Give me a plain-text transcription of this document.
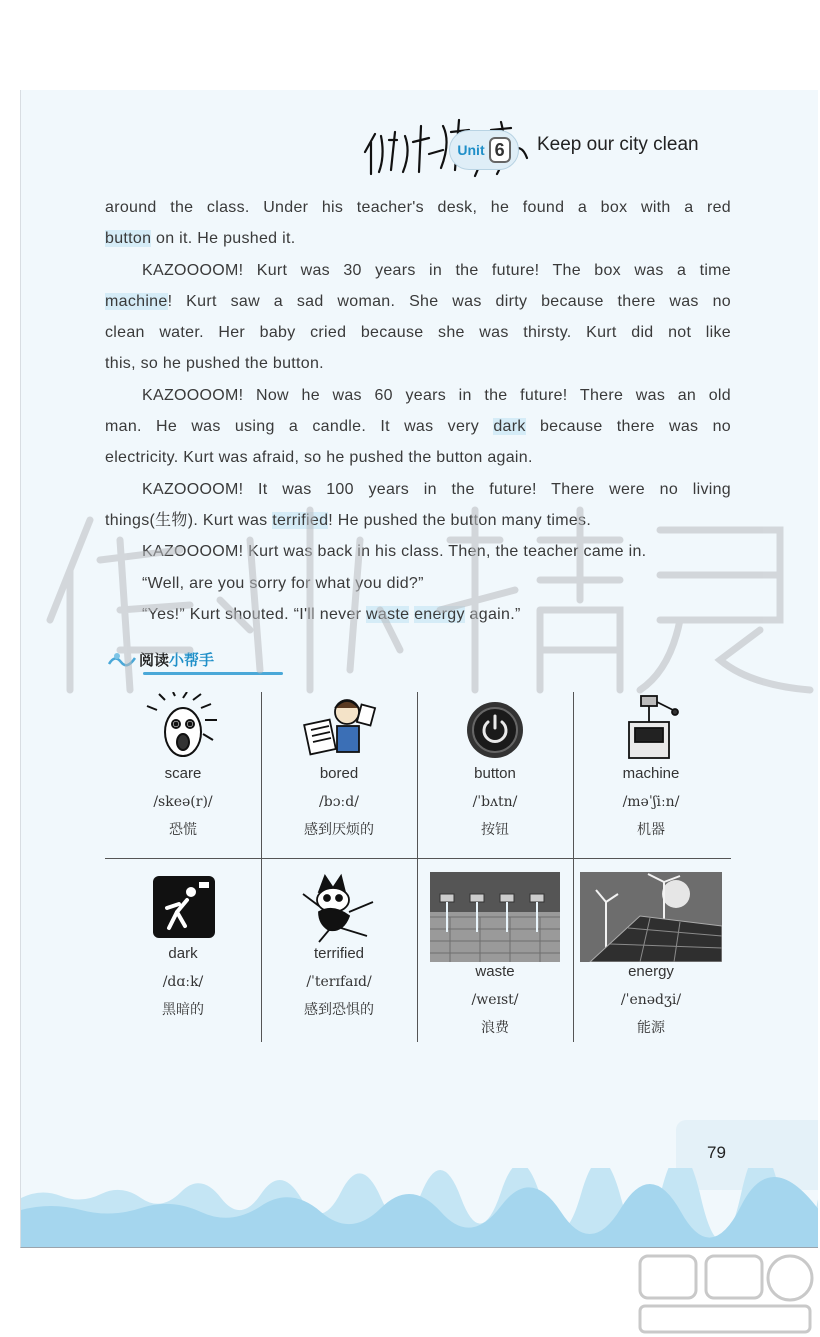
Unit 6	Keep our city clean

around the class. Under his teacher's desk, he found a box with a red

button on it. He pushed it.

KAZOOOOM! Kurt was 30 years in the future! The box was a time

machine! Kurt saw a sad woman. She was dirty because there was no

clean water. Her baby cried because she was thirsty. Kurt did not like

this, so he pushed the button.

KAZOOOOM! Now he was 60 years in the future! There was an old

man. He was using a candle. It was very dark because there was no

electricity. Kurt was afraid, so he pushed the button again.

KAZOOOOM! It was 100 years in the future! There were no living

things(生物). Kurt was terrified! He pushed the button many times.

KAZOOOOM! Kurt was back in his class. Then, the teacher came in.

“Well, are you sorry for what you did?”

“Yes!” Kurt shouted. “I'll never waste energy again.”

阅读小帮手
scare
/skeə(r)/
恐慌
bored
/bɔːd/
感到厌烦的
button
/ˈbʌtn/
按钮
machine
/məˈʃiːn/
机器
dark
/dɑːk/
黑暗的
terrified
/ˈterɪfaɪd/
感到恐惧的
waste
/weɪst/
浪费
energy
/ˈenədʒi/
能源
79
